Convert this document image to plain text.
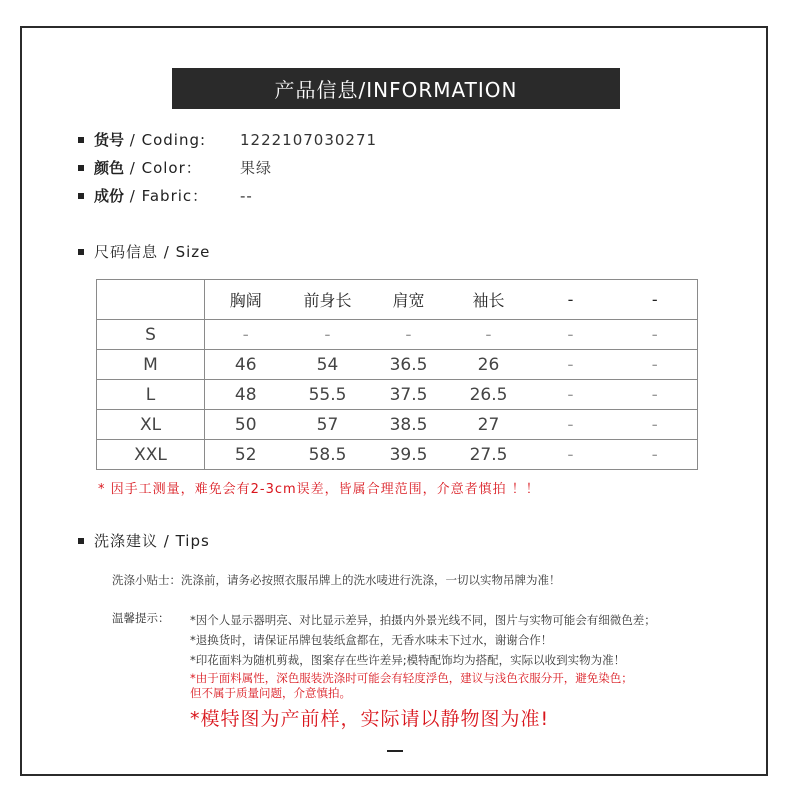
产品信息/INFORMATION
货号 / Coding: 1222107030271
颜色 / Color：	果绿
成份 / Fabric： --
尺码信息 / Size
	胸阔	前身长	肩宽	袖长	-	-
S	-	-	-	-	-	-
M	46	54	36.5	26	-	-
L	48	55.5	37.5	26.5	-	-
XL	50	57	38.5	27	-	-
XXL	52	58.5	39.5	27.5	-	-
* 因手工测量，难免会有2-3cm误差，皆属合理范围，介意者慎拍 ！！
洗涤建议 / Tips
洗涤小贴士：洗涤前，请务必按照衣服吊牌上的洗水唛进行洗涤，一切以实物吊牌为准！
温馨提示： *因个人显示器明亮、对比显示差异，拍摄内外景光线不同，图片与实物可能会有细微色差；
*退换货时，请保证吊牌包装纸盒都在，无香水味未下过水，谢谢合作！
*印花面料为随机剪裁，图案存在些许差异;模特配饰均为搭配，实际以收到实物为准！
*由于面料属性，深色服装洗涤时可能会有轻度浮色，建议与浅色衣服分开，避免染色；
但不属于质量问题，介意慎拍。
*模特图为产前样，实际请以静物图为准!
